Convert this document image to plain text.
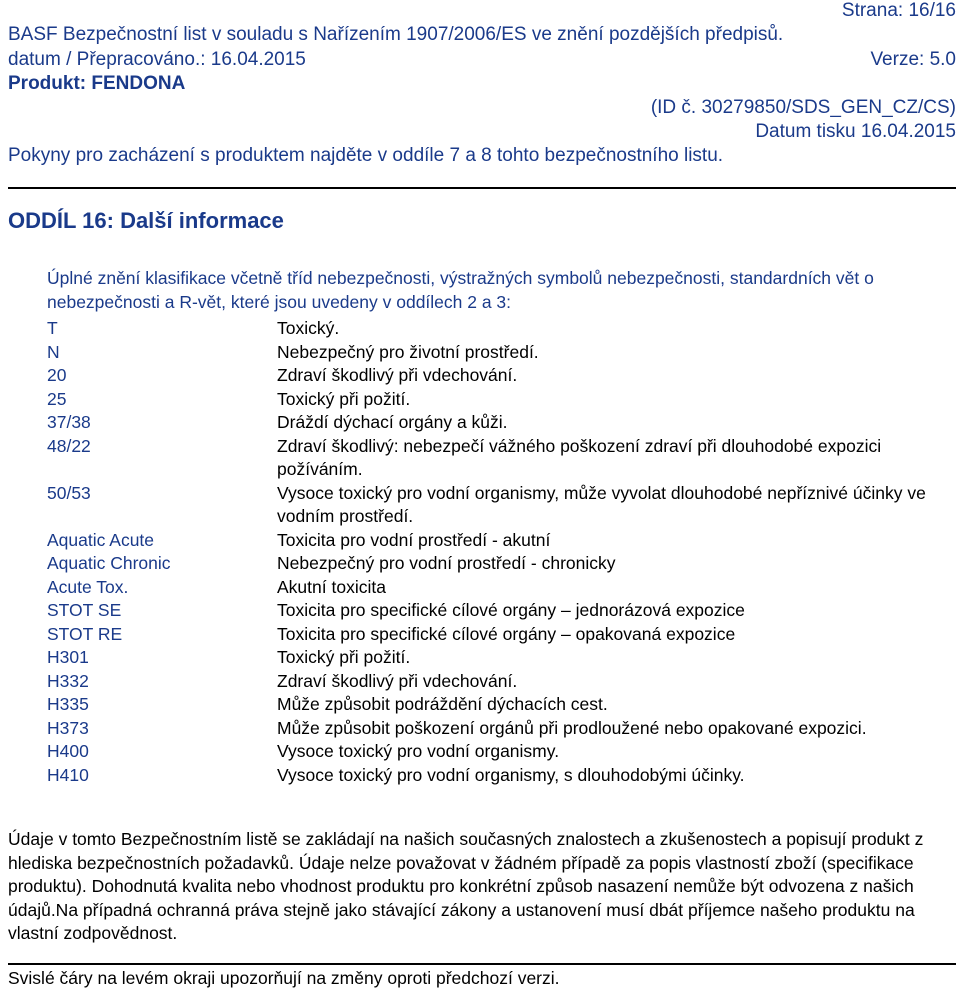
Strana: 16/16
BASF Bezpečnostní list v souladu s Nařízením 1907/2006/ES ve znění pozdějších předpisů.
datum / Přepracováno.: 16.04.2015	Verze: 5.0
Produkt: FENDONA
(ID č. 30279850/SDS_GEN_CZ/CS)
Datum tisku 16.04.2015
Pokyny pro zacházení s produktem najděte v oddíle 7 a 8 tohto bezpečnostního listu.
ODDÍL 16: Další informace
Úplné znění klasifikace včetně tříd nebezpečnosti, výstražných symbolů nebezpečnosti, standardních vět o nebezpečnosti a R-vět, které jsou uvedeny v oddílech 2 a 3:
T	Toxický.
N	Nebezpečný pro životní prostředí.
20	Zdraví škodlivý při vdechování.
25	Toxický při požití.
37/38	Dráždí dýchací orgány a kůži.
48/22	Zdraví škodlivý: nebezpečí vážného poškození zdraví při dlouhodobé expozici požíváním.
50/53	Vysoce toxický pro vodní organismy, může vyvolat dlouhodobé nepříznivé účinky ve vodním prostředí.
Aquatic Acute	Toxicita pro vodní prostředí - akutní
Aquatic Chronic	Nebezpečný pro vodní prostředí - chronicky
Acute Tox.	Akutní toxicita
STOT SE	Toxicita pro specifické cílové orgány – jednorázová expozice
STOT RE	Toxicita pro specifické cílové orgány – opakovaná expozice
H301	Toxický při požití.
H332	Zdraví škodlivý při vdechování.
H335	Může způsobit podráždění dýchacích cest.
H373	Může způsobit poškození orgánů při prodloužené nebo opakované expozici.
H400	Vysoce toxický pro vodní organismy.
H410	Vysoce toxický pro vodní organismy, s dlouhodobými účinky.
Údaje v tomto Bezpečnostním listě se zakládají na našich současných znalostech a zkušenostech a popisují produkt z hlediska bezpečnostních požadavků. Údaje nelze považovat v žádném případě za popis vlastností zboží (specifikace produktu). Dohodnutá kvalita nebo vhodnost produktu pro konkrétní způsob nasazení nemůže být odvozena z našich údajů.Na případná ochranná práva stejně jako stávající zákony a ustanovení musí dbát příjemce našeho produktu na vlastní zodpovědnost.
Svislé čáry na levém okraji upozorňují na změny oproti předchozí verzi.
